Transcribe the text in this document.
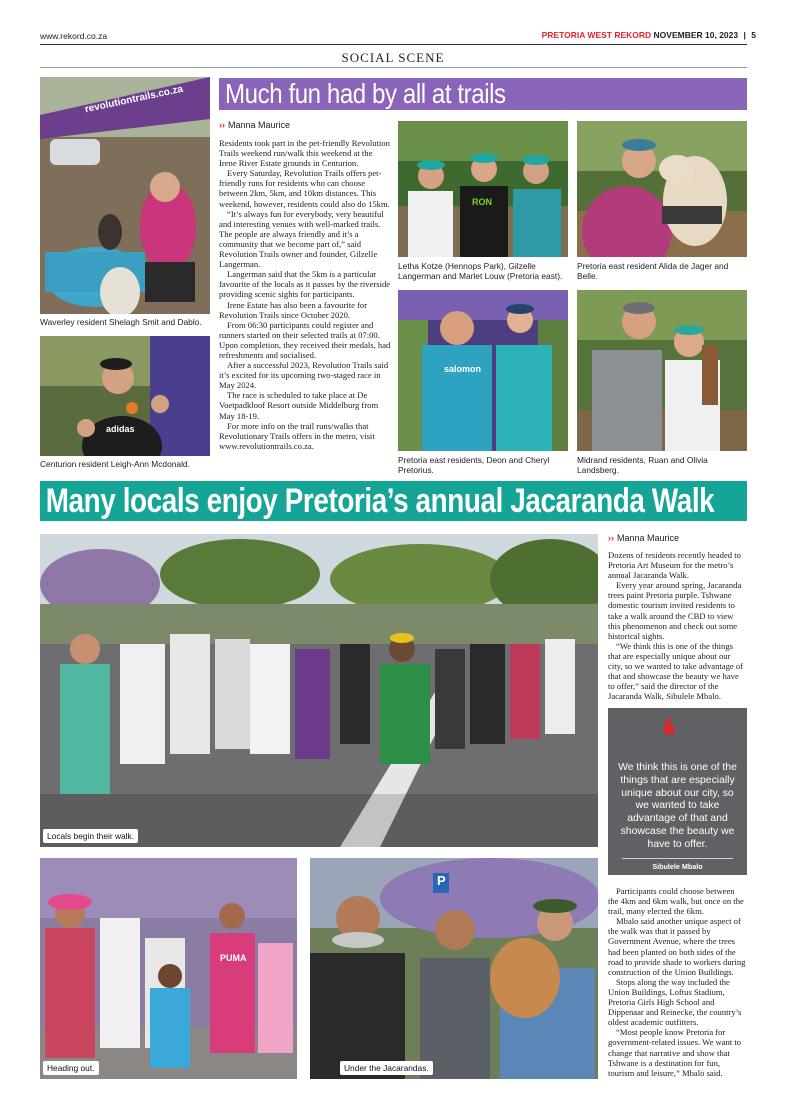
www.rekord.co.za	PRETORIA WEST REKORD NOVEMBER 10, 2023 | 5
SOCIAL SCENE
revolutiontrails.co.za
Waverley resident Shelagh Smit and Dablo.
adidas
Centurion resident Leigh-Ann Mcdonald.
Much fun had by all at trails
›› Manna Maurice

Residents took part in the pet-friendly Revolution Trails weekend run/walk this weekend at the Irene River Estate grounds in Centurion.

Every Saturday, Revolution Trails offers pet-friendly runs for residents who can choose between 2km, 5km, and 10km distances. This weekend, however, residents could also do 15km.

“It’s always fun for everybody, very beautiful and interesting venues with well-marked trails. The people are always friendly and it’s a community that we become part of,” said Revolution Trails owner and founder, Gilzelle Langerman.

Langerman said that the 5km is a particular favourite of the locals as it passes by the riverside providing scenic sights for participants.

Irene Estate has also been a favourite for Revolution Trails since October 2020.

From 06:30 participants could register and runners started on their selected trails at 07:00. Upon completion, they received their medals, had refreshments and socialised.

After a successful 2023, Revolution Trails said it’s excited for its upcoming two-staged race in May 2024.

The race is scheduled to take place at De Voetpadkloof Resort outside Middelburg from May 18-19.

For more info on the trail runs/walks that Revolutionary Trails offers in the metro, visit www.revolutiontrails.co.za.

RON
Letha Kotze (Hennops Park), Gilzelle Langerman and Marlet Louw (Pretoria east).
Pretoria east resident Alida de Jager and Belle.
salomon
Pretoria east residents, Deon and Cheryl Pretorius.
Midrand residents, Ruan and Olivia Landsberg.
Many locals enjoy Pretoria’s annual Jacaranda Walk
Locals begin their walk.
PUMA
Heading out.
P
Under the Jacarandas.
›› Manna Maurice

Dozens of residents recently headed to Pretoria Art Museum for the metro’s annual Jacaranda Walk.

Every year around spring, Jacaranda trees paint Pretoria purple. Tshwane domestic tourism invited residents to take a walk around the CBD to view this phenomenon and check out some historical sights.

“We think this is one of the things that are especially unique about our city, so we wanted to take advantage of that and showcase the beauty we have to offer,” said the director of the Jacaranda Walk, Sibulele Mbalo.

❛
We think this is one of the things that are especially unique about our city, so we wanted to take advantage of that and showcase the beauty we have to offer.
Sibulele Mbalo

Participants could choose between the 4km and 6km walk, but once on the trail, many elected the 6km.

Mbalo said another unique aspect of the walk was that it passed by Government Avenue, where the trees had been planted on both sides of the road to provide shade to workers during construction of the Union Buildings.

Stops along the way included the Union Buildings, Loftus Stadium, Pretoria Girls High School and Dippenaar and Reinecke, the country’s oldest academic outfitters.

“Most people know Pretoria for government-related issues. We want to change that narrative and show that Tshwane is a destination for fun, tourism and leisure,” Mbalo said.
